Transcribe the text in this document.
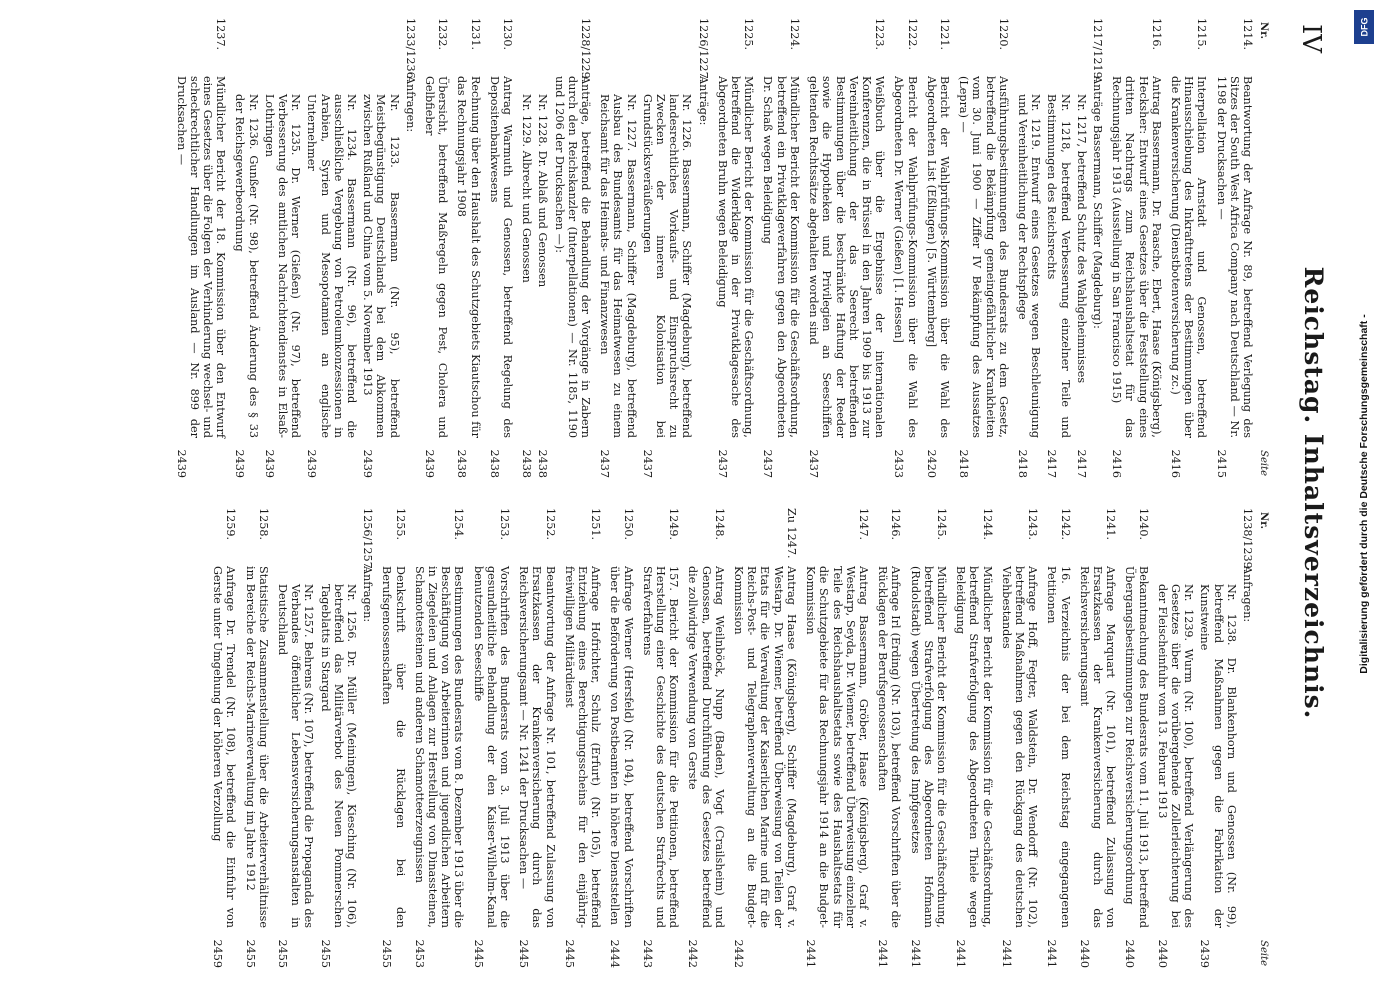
IV
Reichstag. Inhaltsverzeichnis.
Nr.
Seite
1214.
Beantwortung der Anfrage Nr. 89, betreffend Verlegung des Sitzes der South West Africa Company nach Deutschland — Nr. 1198 der Drucksachen —
2415
1215.
Interpellation Arnstadt und Genossen, betreffend Hinausschiebung des Inkrafttretens der Bestimmungen über die Krankenversicherung (Dienstbotenversicherung zc.)
2416
1216.
Antrag Bassermann, Dr. Paasche, Ebert, Haase (Königsberg), Hecksher: Entwurf eines Gesetzes über die Feststellung eines dritten Nachtrags zum Reichshaushaltsetat für das Rechnungsjahr 1913 (Ausstellung in San Francisco 1915)
2416
1217/1219.
Anträge Bassermann, Schiffer (Magdeburg):
Nr. 1217, betreffend Schutz des Wahlgeheimnisses
2417
Nr. 1218, betreffend Verbesserung einzelner Teile und Bestimmungen des Reichsrechts
2417
Nr. 1219. Entwurf eines Gesetzes wegen Beschleunigung und Vereinheitlichung der Rechtspflege
2418
1220.
Ausführungsbestimmungen des Bundesrats zu dem Gesetz, betreffend die Bekämpfung gemeingefährlicher Krankheiten vom 30. Juni 1900 — Ziffer IV Bekämpfung des Aussatzes (Lepra) —
2418
1221.
Bericht der Wahlprüfungs-Kommission über die Wahl des Abgeordneten List (Eßlingen) [5. Württemberg]
2420
1222.
Bericht der Wahlprüfungs-Kommission über die Wahl des Abgeordneten Dr. Werner (Gießen) [1. Hessen]
2433
1223.
Weißbuch über die Ergebnisse der internationalen Konferenzen, die in Brüssel in den Jahren 1909 bis 1913 zur Vereinheitlichung der das Seerecht betreffenden Bestimmungen über die beschränkte Haftung der Reeder sowie die Hypotheken und Privilegien an Seeschiffen geltenden Rechtssätze abgehalten worden sind
2437
1224.
Mündlicher Bericht der Kommission für die Geschäftsordnung, betreffend ein Privatklageverfahren gegen den Abgeordneten Dr. Schaß wegen Beleidigung
2437
1225.
Mündlicher Bericht der Kommission für die Geschäftsordnung, betreffend die Widerklage in der Privatklagesache des Abgeordneten Bruhn wegen Beleidigung
2437
1226/1227.
Anträge:
Nr. 1226. Bassermann, Schiffer (Magdeburg), betreffend landesrechtliches Vorkaufs- und Einspruchsrecht zu Zwecken der inneren Kolonisation bei Grundstücksveräußerungen
2437
Nr. 1227. Bassermann, Schiffer (Magdeburg), betreffend Ausbau des Bundesamts für das Heimatwesen zu einem Reichsamt für das Heimats- und Finanzwesen
2437
1228/1229.
Anträge, betreffend die Behandlung der Vorgänge in Zabern durch den Reichskanzler (Interpellationen) — Nr. 1185, 1190 und 1206 der Drucksachen —):
Nr. 1228. Dr. Ablaß und Genossen
2438
Nr. 1229. Albrecht und Genossen
2438
1230.
Antrag Warmuth und Genossen, betreffend Regelung des Depositenbankwesens
2438
1231.
Rechnung über den Haushalt des Schutzgebiets Kiautschou für das Rechnungsjahr 1908
2438
1232.
Übersicht, betreffend Maßregeln gegen Pest, Cholera und Gelbfieber
2439
1233/1236.
Anfragen:
Nr. 1233. Bassermann (Nr. 95), betreffend Meistbegünstigung Deutschlands bei dem Abkommen zwischen Rußland und China vom 5. November 1913
2439
Nr. 1234. Bassermann (Nr. 96), betreffend die ausschließliche Vergebung von Petroleumkonzessionen in Arabien, Syrien und Mesopotamien an englische Unternehmer
2439
Nr. 1235. Dr. Werner (Gießen) (Nr. 97), betreffend Verbesserung des amtlichen Nachrichtendienstes in Elsaß-Lothringen
2439
Nr. 1236. Gunßer (Nr. 98), betreffend Änderung des § 33 der Reichsgewerbeordnung
2439
1237.
Mündlicher Bericht der 18. Kommission über den Entwurf eines Gesetzes über die Folgen der Verhinderung wechsel- und scheckrechtlicher Handlungen im Ausland — Nr. 899 der Drucksachen —
2439
Nr.
Seite
1238/1239.
Anfragen:
Nr. 1238. Dr. Blankenhorn und Genossen (Nr. 99), betreffend Maßnahmen gegen die Fabrikation der Kunstweine
2439
Nr. 1239. Wurm (Nr. 100), betreffend Verlängerung des Gesetzes über die vorübergehende Zollerleichterung bei der Fleischeinfuhr vom 13. Februar 1913
2440
1240.
Bekanntmachung des Bundesrats vom 11. Juli 1913, betreffend Übergangsbestimmungen zur Reichsversicherungsordnung
2440
1241.
Anfrage Marquart (Nr. 101), betreffend Zulassung von Ersatzkassen der Krankenversicherung durch das Reichsversicherungsamt
2440
1242.
16. Verzeichnis der bei dem Reichstag eingegangenen Petitionen
2441
1243.
Anfrage Hoff, Fegter, Waldstein, Dr. Wendorff (Nr. 102), betreffend Maßnahmen gegen den Rückgang des deutschen Viehbestandes
2441
1244.
Mündlicher Bericht der Kommission für die Geschäftsordnung, betreffend Strafverfolgung des Abgeordneten Thiele wegen Beleidigung
2441
1245.
Mündlicher Bericht der Kommission für die Geschäftsordnung, betreffend Strafverfolgung des Abgeordneten Hofmann (Rudolstadt) wegen Übertretung des Impfgesetzes
2441
1246.
Anfrage Irl (Erding) (Nr. 103), betreffend Vorschriften über die Rücklagen der Berufsgenossenschaften
2441
1247.
Antrag Bassermann, Gröber, Haase (Königsberg), Graf v. Westarp, Seyda, Dr. Wiemer, betreffend Überweisung einzelner Teile des Reichshaushaltsetats sowie des Haushaltsetats für die Schutzgebiete für das Rechnungsjahr 1914 an die Budget-Kommission
2441
Zu 1247.
Antrag Haase (Königsberg), Schiffer (Magdeburg), Graf v. Westarp, Dr. Wiemer, betreffend Überweisung von Teilen der Etats für die Verwaltung der Kaiserlichen Marine und für die Reichs-Post- und Telegraphenverwaltung an die Budget-Kommission
2442
1248.
Antrag Weilnböck, Nupp (Baden), Vogt (Crailsheim) und Genossen, betreffend Durchführung des Gesetzes betreffend die zollwidrige Verwendung von Gerste
2442
1249.
157. Bericht der Kommission für die Petitionen, betreffend Herstellung einer Geschichte des deutschen Strafrechts und Strafverfahrens
2443
1250.
Anfrage Werner (Hersfeld) (Nr. 104), betreffend Vorschriften über die Beförderung von Postbeamten in höhere Dienststellen
2444
1251.
Anfrage Hofrichter, Schulz (Erfurt) (Nr. 105), betreffend Entziehung eines Berechtigungsscheins für den einjährig-freiwilligen Militärdienst
2445
1252.
Beantwortung der Anfrage Nr. 101, betreffend Zulassung von Ersatzkassen der Krankenversicherung durch das Reichsversicherungsamt — Nr. 1241 der Drucksachen —
2445
1253.
Vorschriften des Bundesrats vom 3. Juli 1913 über die gesundheitliche Behandlung der den Kaiser-Wilhelm-Kanal benutzenden Seeschiffe
2445
1254.
Bestimmungen des Bundesrats vom 8. Dezember 1913 über die Beschäftigung von Arbeiterinnen und jugendlichen Arbeitern in Ziegeleien und Anlagen zur Herstellung von Dinassteinen, Schamottesteinen und anderen Schamotteerzeugnissen
2453
1255.
Denkschrift über die Rücklagen bei den Berufsgenossenschaften
2455
1256/1257.
Anfragen:
Nr. 1256. Dr. Müller (Meiningen), Kiesching (Nr. 106), betreffend das Militärverbot des Neuen Pommerschen Tageblatts in Stargard
2455
Nr. 1257. Behrens (Nr. 107), betreffend die Propaganda des Verbandes öffentlicher Lebensversicherungsanstalten in Deutschland
2455
1258.
Statistische Zusammenstellung über die Arbeiterverhältnisse im Bereiche der Reichs-Marineverwaltung im Jahre 1912
2455
1259.
Anfrage Dr. Trendel (Nr. 108), betreffend die Einfuhr von Gerste unter Umgehung der höheren Verzollung
2459
Digitalisierung gefördert durch die Deutsche Forschungsgemeinschaft -
DFG
